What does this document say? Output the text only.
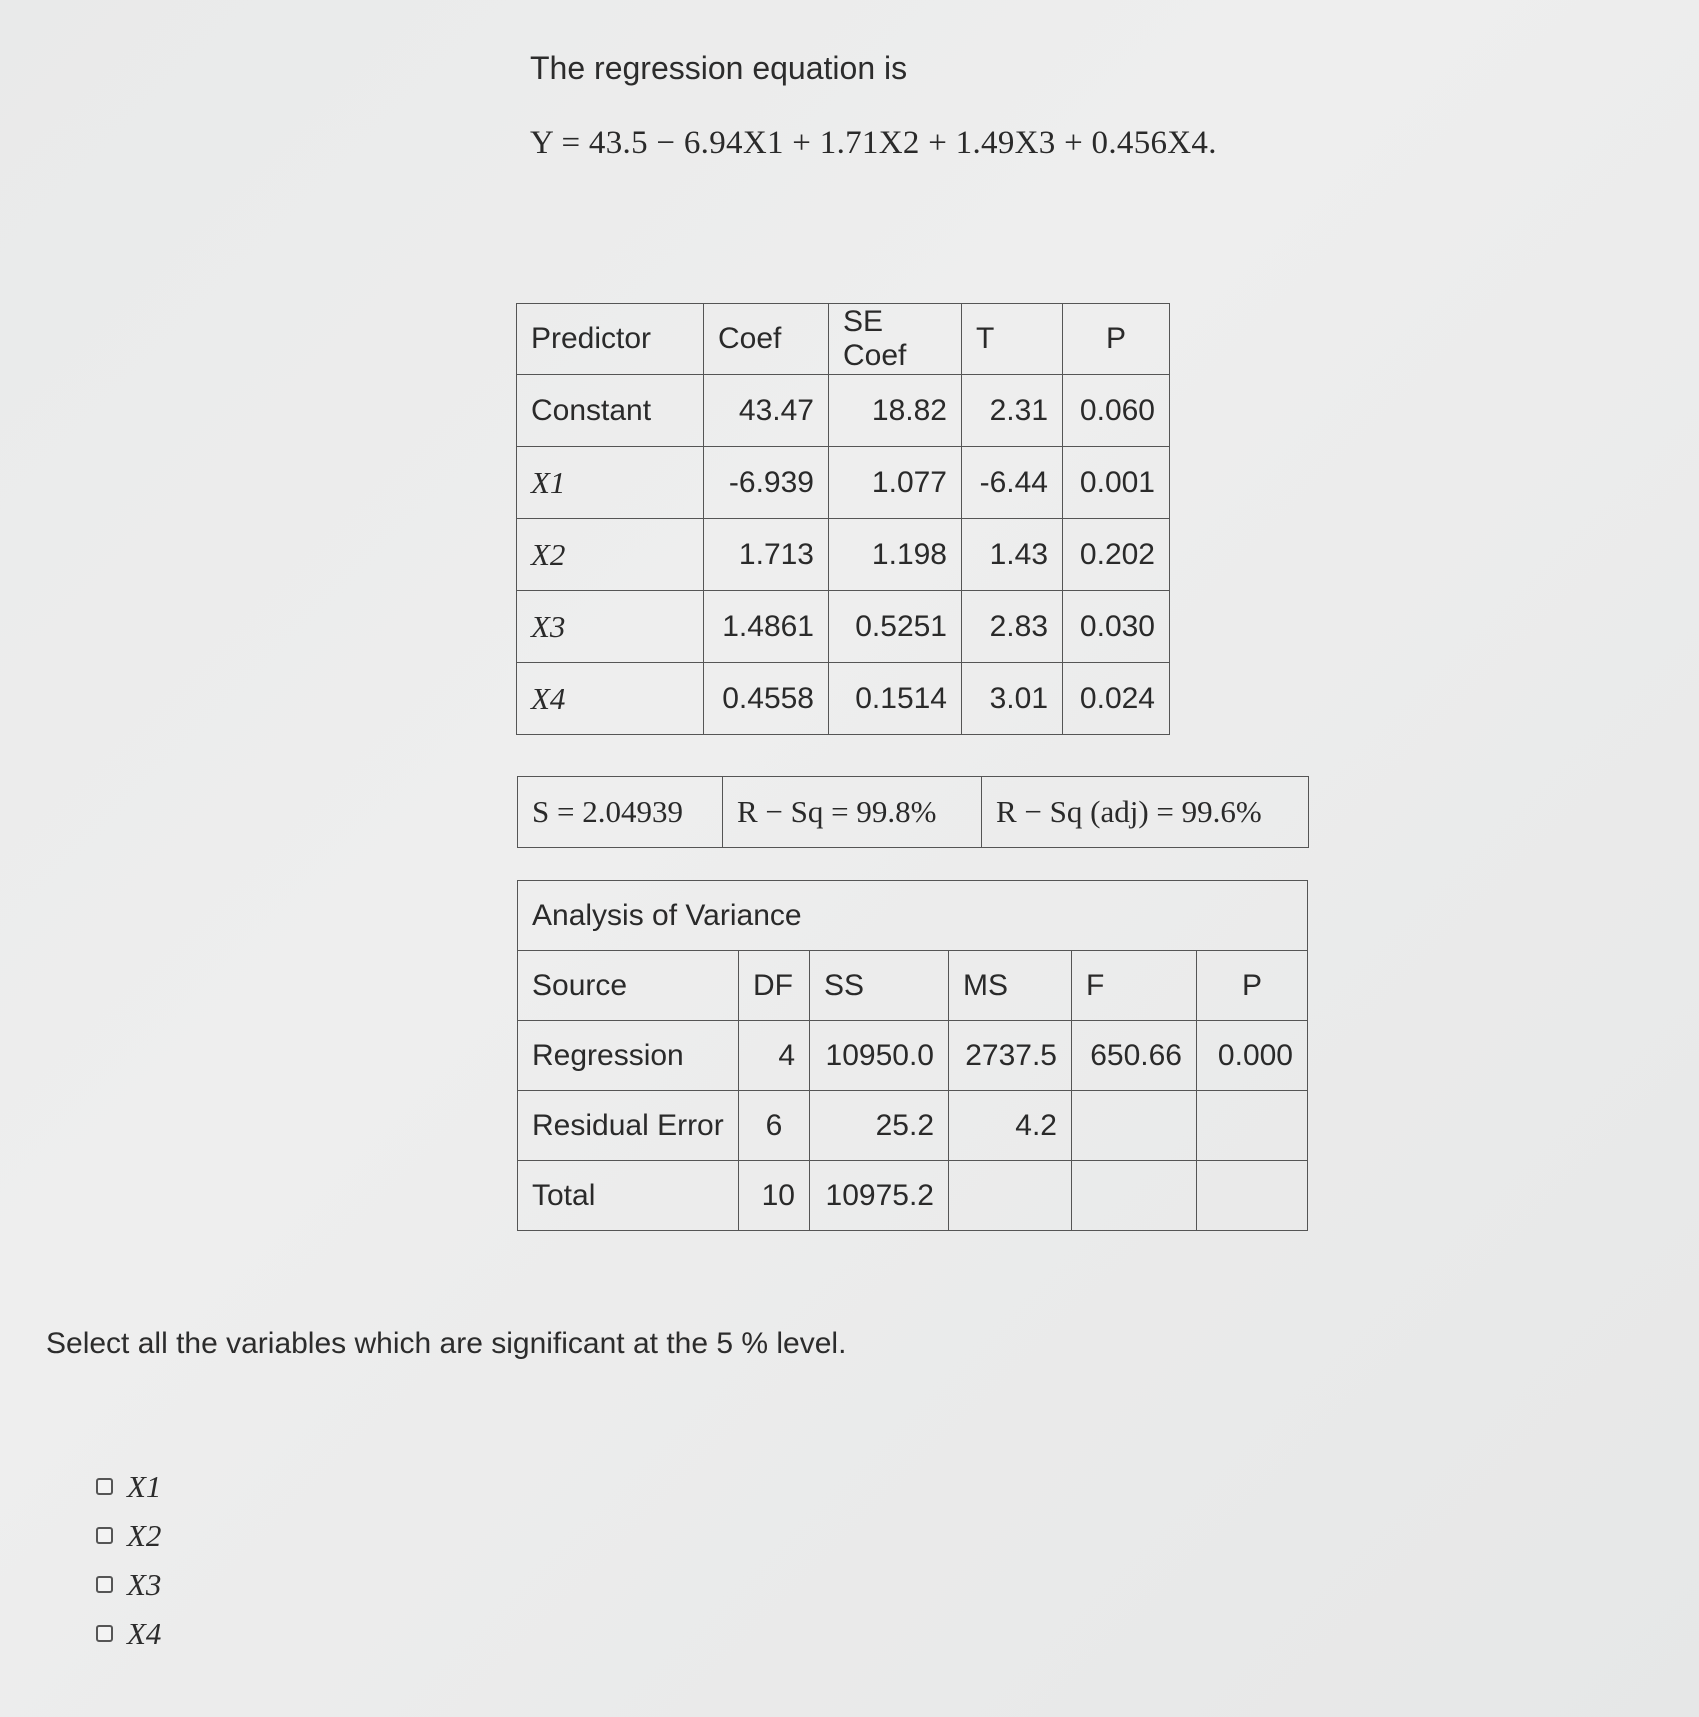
The regression equation is
Y = 43.5 − 6.94X1 + 1.71X2 + 1.49X3 + 0.456X4.
Predictor	Coef	SE Coef	T	P
Constant	43.47	18.82	2.31	0.060
X1	-6.939	1.077	-6.44	0.001
X2	1.713	1.198	1.43	0.202
X3	1.4861	0.5251	2.83	0.030
X4	0.4558	0.1514	3.01	0.024
S = 2.04939	R − Sq = 99.8%	R − Sq (adj) = 99.6%
Analysis of Variance					
Source	DF	SS	MS	F	P
Regression	4	10950.0	2737.5	650.66	0.000
Residual Error	6	25.2	4.2		
Total	10	10975.2			
Select all the variables which are significant at the 5 % level.
X1
X2
X3
X4
